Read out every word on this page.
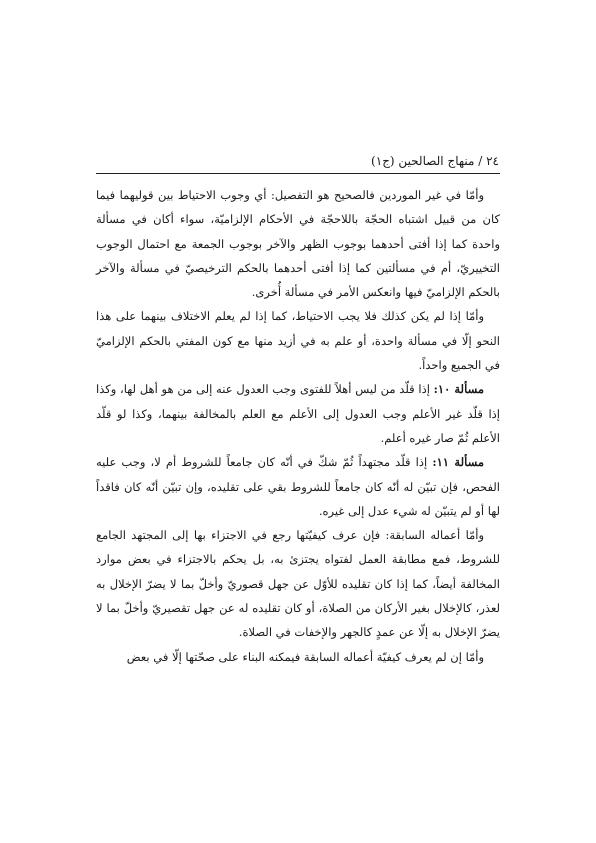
٢٤ / منهاج الصالحين (ج١)

وأمّا في غير الموردين فالصحيح هو التفصيل: أي وجوب الاحتياط بين قوليهما فيما كان من قبيل اشتباه الحجّة باللاحجّة في الأحكام الإلزاميّة، سواء أكان في مسألة واحدة كما إذا أفتى أحدهما بوجوب الظهر والآخر بوجوب الجمعة مع احتمال الوجوب التخييريّ، أم في مسألتين كما إذا أفتى أحدهما بالحكم الترخيصيّ في مسألة والآخر بالحكم الإلزاميّ فيها وانعكس الأمر في مسألة أُخرى.

وأمّا إذا لم يكن كذلك فلا يجب الاحتياط، كما إذا لم يعلم الاختلاف بينهما على هذا النحو إلّا في مسألة واحدة، أو علم به في أزيد منها مع كون المفتي بالحكم الإلزاميّ في الجميع واحداً.

مسألة ١٠: إذا قلّد من ليس أهلاً للفتوى وجب العدول عنه إلى من هو أهل لها، وكذا إذا قلّد غير الأعلم وجب العدول إلى الأعلم مع العلم بالمخالفة بينهما، وكذا لو قلّد الأعلم ثُمّ صار غيره أعلم.

مسألة ١١: إذا قلّد مجتهداً ثُمّ شكّ في أنّه كان جامعاً للشروط أم لا، وجب عليه الفحص، فإن تبيّن له أنّه كان جامعاً للشروط بقي على تقليده، وإن تبيّن أنّه كان فاقداً لها أو لم يتبيّن له شيء عدل إلى غيره.

وأمّا أعماله السابقة: فإن عرف كيفيّتها رجع في الاجتزاء بها إلى المجتهد الجامع للشروط، فمع مطابقة العمل لفتواه يجتزئ به، بل يحكم بالاجتزاء في بعض موارد المخالفة أيضاً، كما إذا كان تقليده للأوّل عن جهل قصوريّ وأخلّ بما لا يضرّ الإخلال به لعذر، كالإخلال بغير الأركان من الصلاة، أو كان تقليده له عن جهل تقصيريّ وأخلّ بما لا يضرّ الإخلال به إلّا عن عمدٍ كالجهر والإخفات في الصلاة.

وأمّا إن لم يعرف كيفيّة أعماله السابقة فيمكنه البناء على صحّتها إلّا في بعض
